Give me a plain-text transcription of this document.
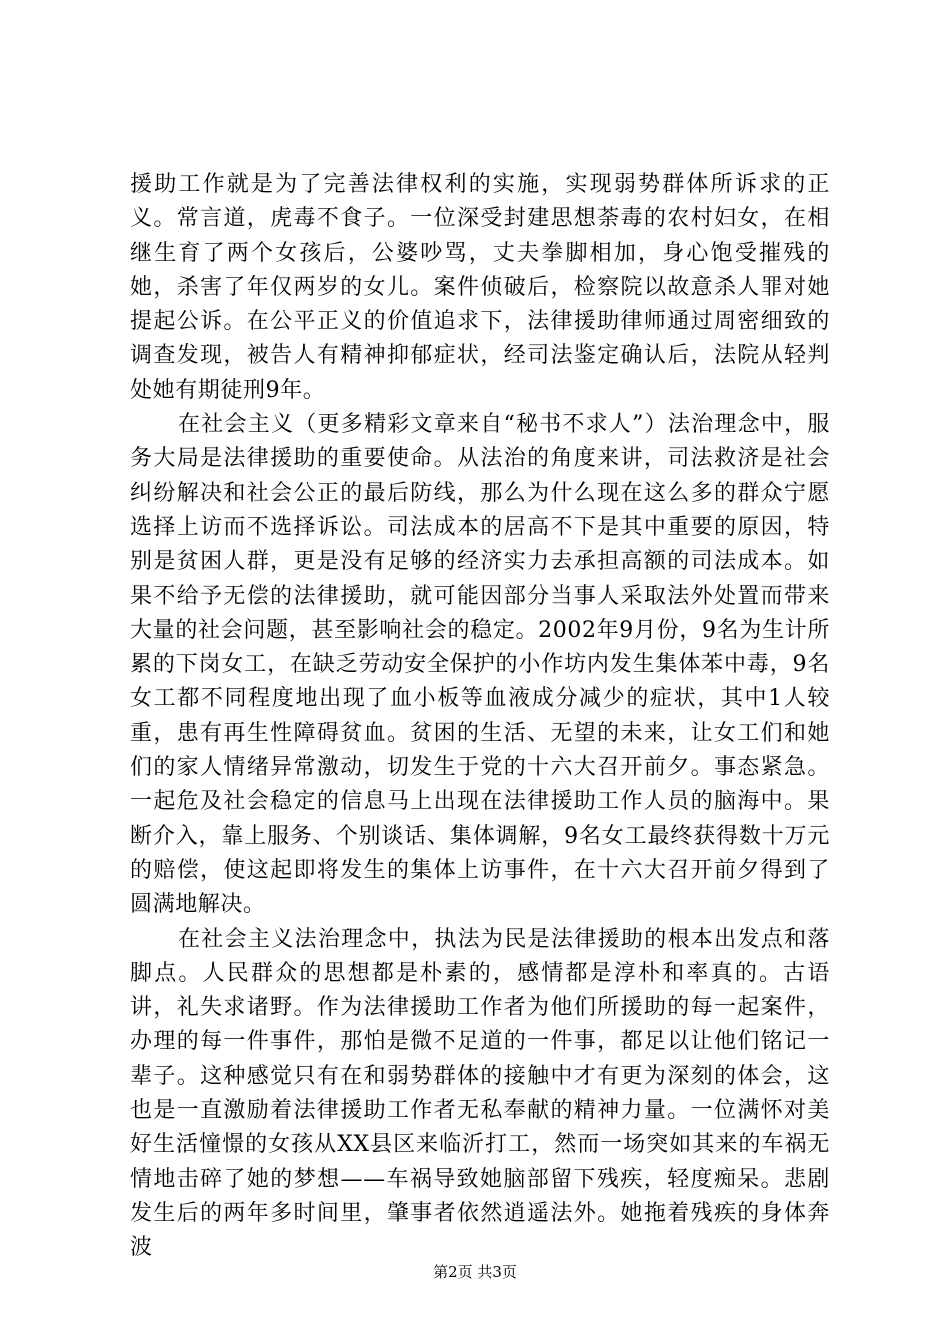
援助工作就是为了完善法律权利的实施，实现弱势群体所诉求的正义。常言道，虎毒不食子。一位深受封建思想荼毒的农村妇女，在相继生育了两个女孩后，公婆吵骂，丈夫拳脚相加，身心饱受摧残的她，杀害了年仅两岁的女儿。案件侦破后，检察院以故意杀人罪对她提起公诉。在公平正义的价值追求下，法律援助律师通过周密细致的调查发现，被告人有精神抑郁症状，经司法鉴定确认后，法院从轻判处她有期徒刑9年。

在社会主义（更多精彩文章来自“秘书不求人”）法治理念中，服务大局是法律援助的重要使命。从法治的角度来讲，司法救济是社会纠纷解决和社会公正的最后防线，那么为什么现在这么多的群众宁愿选择上访而不选择诉讼。司法成本的居高不下是其中重要的原因，特别是贫困人群，更是没有足够的经济实力去承担高额的司法成本。如果不给予无偿的法律援助，就可能因部分当事人采取法外处置而带来大量的社会问题，甚至影响社会的稳定。2002年9月份，9名为生计所累的下岗女工，在缺乏劳动安全保护的小作坊内发生集体苯中毒，9名女工都不同程度地出现了血小板等血液成分减少的症状，其中1人较重，患有再生性障碍贫血。贫困的生活、无望的未来，让女工们和她们的家人情绪异常激动，切发生于党的十六大召开前夕。事态紧急。一起危及社会稳定的信息马上出现在法律援助工作人员的脑海中。果断介入，靠上服务、个别谈话、集体调解，9名女工最终获得数十万元的赔偿，使这起即将发生的集体上访事件，在十六大召开前夕得到了圆满地解决。

在社会主义法治理念中，执法为民是法律援助的根本出发点和落脚点。人民群众的思想都是朴素的，感情都是淳朴和率真的。古语讲，礼失求诸野。作为法律援助工作者为他们所援助的每一起案件，办理的每一件事件，那怕是微不足道的一件事，都足以让他们铭记一辈子。这种感觉只有在和弱势群体的接触中才有更为深刻的体会，这也是一直激励着法律援助工作者无私奉献的精神力量。一位满怀对美好生活憧憬的女孩从XX县区来临沂打工，然而一场突如其来的车祸无情地击碎了她的梦想——车祸导致她脑部留下残疾，轻度痴呆。悲剧发生后的两年多时间里，肇事者依然逍遥法外。她拖着残疾的身体奔波

第2页 共3页
